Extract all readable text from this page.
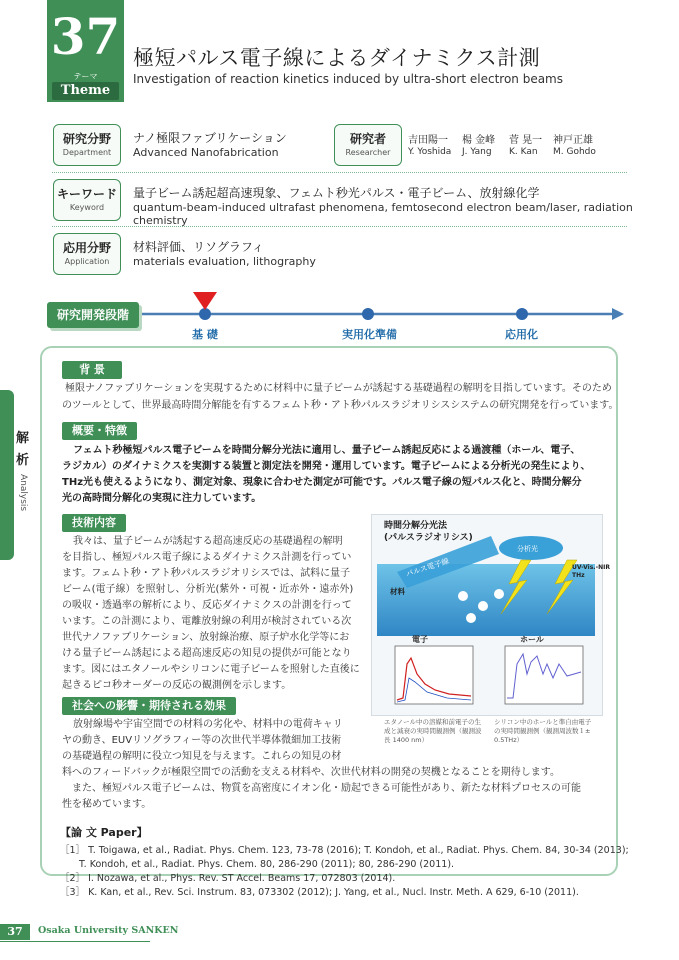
37
テーマ
Theme
極短パルス電子線によるダイナミクス計測
Investigation of reaction kinetics induced by ultra-short electron beams
研究分野
Department
ナノ極限ファブリケーション
Advanced Nanofabrication
研究者
Researcher
吉田陽一
Y. Yoshida
楊 金峰
J. Yang
菅 晃一
K. Kan
神戸正雄
M. Gohdo
キーワード
Keyword
量子ビーム誘起超高速現象、フェムト秒光パルス・電子ビーム、放射線化学
quantum-beam-induced ultrafast phenomena, femtosecond electron beam/laser, radiation chemistry
応用分野
Application
材料評価、リソグラフィ
materials evaluation, lithography
研究開発段階
基 礎	実用化準備	応用化
解析
Analysis
背 景
極限ナノファブリケーションを実現するために材料中に量子ビームが誘起する基礎過程の解明を目指しています。そのため
のツールとして、世界最高時間分解能を有するフェムト秒・アト秒パルスラジオリシスシステムの研究開発を行っています。
概要・特徴
フェムト秒極短パルス電子ビームを時間分解分光法に適用し、量子ビーム誘起反応による過渡種（ホール、電子、
ラジカル）のダイナミクスを実測する装置と測定法を開発・運用しています。電子ビームによる分析光の発生により、
THz光も使えるようになり、測定対象、現象に合わせた測定が可能です。パルス電子線の短パルス化と、時間分解分
光の高時間分解化の実現に注力しています。
技術内容
我々は、量子ビームが誘起する超高速反応の基礎過程の解明
を目指し、極短パルス電子線によるダイナミクス計測を行ってい
ます。フェムト秒・アト秒パルスラジオリシスでは、試料に量子
ビーム(電子線）を照射し、分析光(紫外・可視・近赤外・遠赤外)
の吸収・透過率の解析により、反応ダイナミクスの計測を行って
います。この計測により、電離放射線の利用が検討されている次
世代ナノファブリケーション、放射線治療、原子炉水化学等にお
ける量子ビーム誘起による超高速反応の知見の提供が可能となり
ます。図にはエタノールやシリコンに電子ビームを照射した直後に
起きるピコ秒オーダーの反応の観測例を示します。
社会への影響・期待される効果
放射線場や宇宙空間での材料の劣化や、材料中の電荷キャリ
ヤの動き、EUVリソグラフィー等の次世代半導体微細加工技術
の基礎過程の解明に役立つ知見を与えます。これらの知見の材
料へのフィードバックが極限空間での活動を支える材料や、次世代材料の開発の契機となることを期待します。
　また、極短パルス電子ビームは、物質を高密度にイオン化・励起できる可能性があり、新たな材料プロセスの可能
性を秘めています。
時間分解分光法
(パルスラジオリシス)
分析光
パルス電子線
材料
UV-Vis.-NIR
THz
電子	ホール
エタノール中の溶媒和前電子の生
成と減衰の実時間観測例（観測波
長 1400 nm）
シリコン中のホールと準自由電子
の実時間観測例（観測周波数１±
0.5THz）
【論 文 Paper】
［1］ T. Toigawa, et al., Radiat. Phys. Chem. 123, 73-78 (2016); T. Kondoh, et al., Radiat. Phys. Chem. 84, 30-34 (2013);
　　T. Kondoh, et al., Radiat. Phys. Chem. 80, 286-290 (2011); 80, 286-290 (2011).
［2］ I. Nozawa, et al., Phys. Rev. ST Accel. Beams 17, 072803 (2014).
［3］ K. Kan, et al., Rev. Sci. Instrum. 83, 073302 (2012); J. Yang, et al., Nucl. Instr. Meth. A 629, 6-10 (2011).
37	Osaka University SANKEN
